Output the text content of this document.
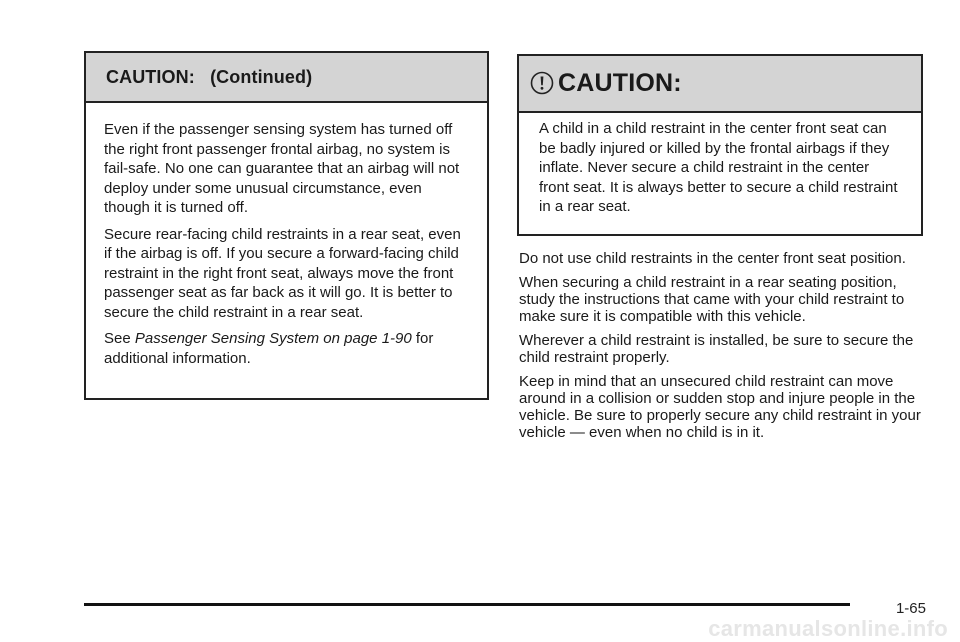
CAUTION:   (Continued)

Even if the passenger sensing system has turned off the right front passenger frontal airbag, no system is fail-safe. No one can guarantee that an airbag will not deploy under some unusual circumstance, even though it is turned off.

Secure rear-facing child restraints in a rear seat, even if the airbag is off. If you secure a forward-facing child restraint in the right front seat, always move the front passenger seat as far back as it will go. It is better to secure the child restraint in a rear seat.

See Passenger Sensing System on page 1-90 for additional information.

CAUTION:

A child in a child restraint in the center front seat can be badly injured or killed by the frontal airbags if they inflate. Never secure a child restraint in the center front seat. It is always better to secure a child restraint in a rear seat.

Do not use child restraints in the center front seat position.

When securing a child restraint in a rear seating position, study the instructions that came with your child restraint to make sure it is compatible with this vehicle.

Wherever a child restraint is installed, be sure to secure the child restraint properly.

Keep in mind that an unsecured child restraint can move around in a collision or sudden stop and injure people in the vehicle. Be sure to properly secure any child restraint in your vehicle — even when no child is in it.

1-65
carmanualsonline.info
